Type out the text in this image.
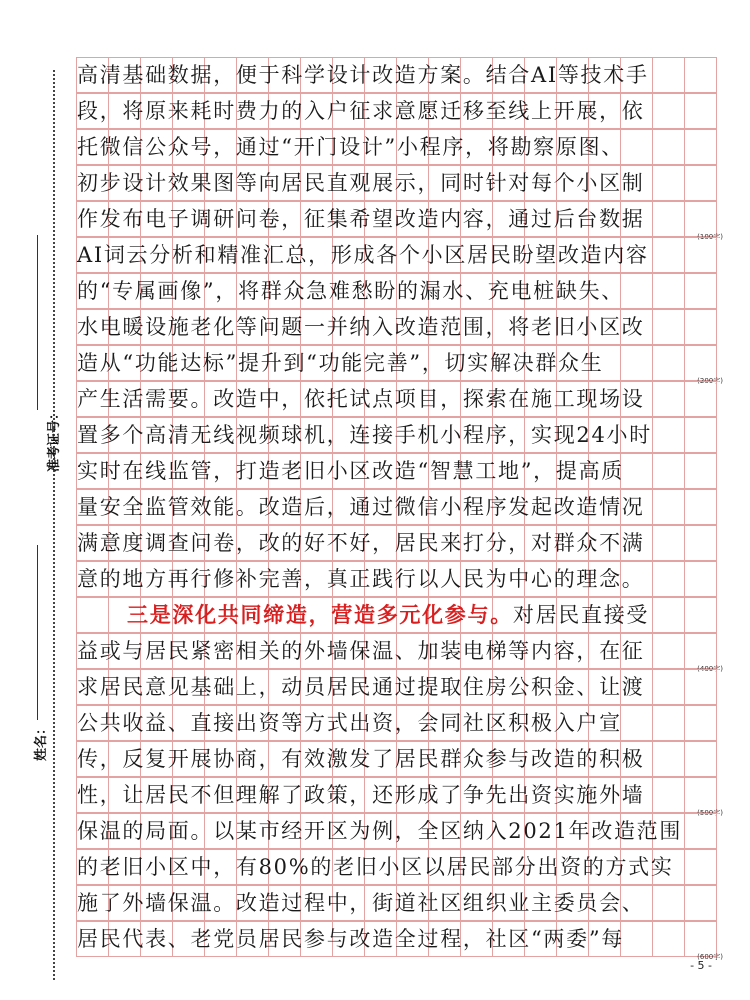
准考证号：
姓名：
高清基础数据，便于科学设计改造方案。结合AI等技术手
段，将原来耗时费力的入户征求意愿迁移至线上开展，依
托微信公众号，通过“开门设计”小程序，将勘察原图、
初步设计效果图等向居民直观展示，同时针对每个小区制
作发布电子调研问卷，征集希望改造内容，通过后台数据
(100字)
AI词云分析和精准汇总，形成各个小区居民盼望改造内容
的“专属画像”，将群众急难愁盼的漏水、充电桩缺失、
水电暖设施老化等问题一并纳入改造范围，将老旧小区改
造从“功能达标”提升到“功能完善”，切实解决群众生
(200字)
产生活需要。改造中，依托试点项目，探索在施工现场设
置多个高清无线视频球机，连接手机小程序，实现24小时
实时在线监管，打造老旧小区改造“智慧工地”，提高质
量安全监管效能。改造后，通过微信小程序发起改造情况
满意度调查问卷，改的好不好，居民来打分，对群众不满
意的地方再行修补完善，真正践行以人民为中心的理念。
三是深化共同缔造，营造多元化参与。对居民直接受
益或与居民紧密相关的外墙保温、加装电梯等内容，在征
(400字)
求居民意见基础上，动员居民通过提取住房公积金、让渡
公共收益、直接出资等方式出资，会同社区积极入户宣
传，反复开展协商，有效激发了居民群众参与改造的积极
性，让居民不但理解了政策，还形成了争先出资实施外墙
(500字)
保温的局面。以某市经开区为例，全区纳入2021年改造范围
的老旧小区中，有80%的老旧小区以居民部分出资的方式实
施了外墙保温。改造过程中，街道社区组织业主委员会、
居民代表、老党员居民参与改造全过程，社区“两委”每
(600字)
- 5 -
